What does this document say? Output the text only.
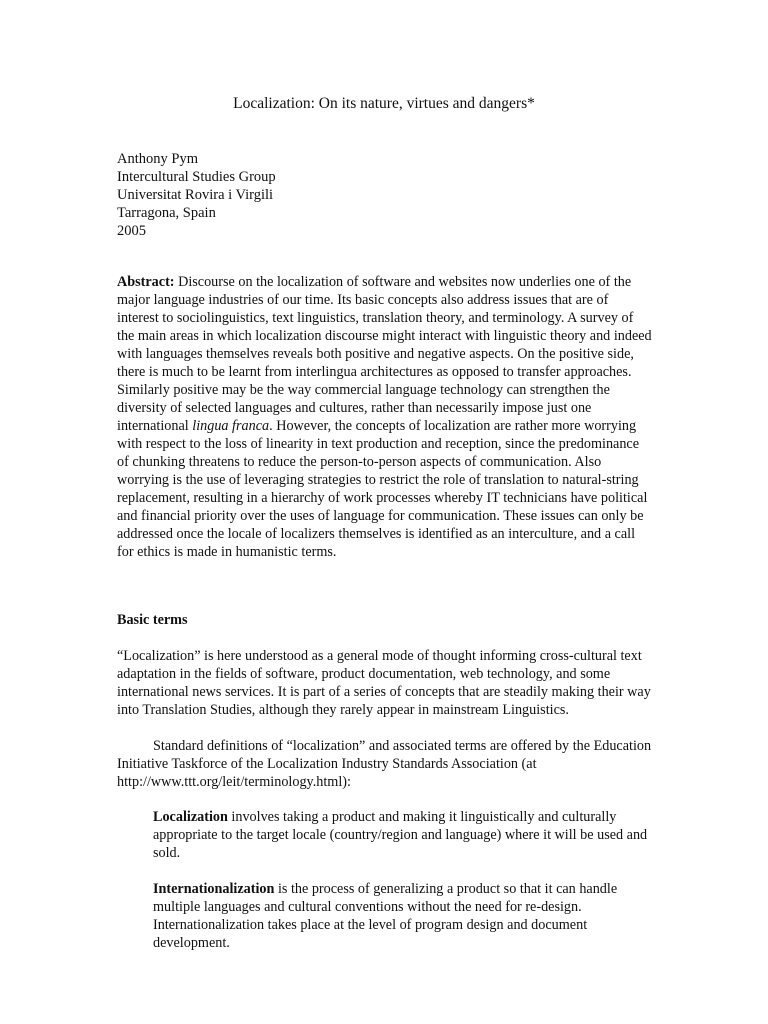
Localization: On its nature, virtues and dangers*
Anthony Pym
Intercultural Studies Group
Universitat Rovira i Virgili
Tarragona, Spain
2005

Abstract: Discourse on the localization of software and websites now underlies one of the major language industries of our time. Its basic concepts also address issues that are of interest to sociolinguistics, text linguistics, translation theory, and terminology. A survey of the main areas in which localization discourse might interact with linguistic theory and indeed with languages themselves reveals both positive and negative aspects. On the positive side, there is much to be learnt from interlingua architectures as opposed to transfer approaches. Similarly positive may be the way commercial language technology can strengthen the diversity of selected languages and cultures, rather than necessarily impose just one international lingua franca. However, the concepts of localization are rather more worrying with respect to the loss of linearity in text production and reception, since the predominance of chunking threatens to reduce the person-to-person aspects of communication. Also worrying is the use of leveraging strategies to restrict the role of translation to natural-string replacement, resulting in a hierarchy of work processes whereby IT technicians have political and financial priority over the uses of language for communication. These issues can only be addressed once the locale of localizers themselves is identified as an interculture, and a call for ethics is made in humanistic terms.

Basic terms

“Localization” is here understood as a general mode of thought informing cross-cultural text adaptation in the fields of software, product documentation, web technology, and some international news services. It is part of a series of concepts that are steadily making their way into Translation Studies, although they rarely appear in mainstream Linguistics.

Standard definitions of “localization” and associated terms are offered by the Education Initiative Taskforce of the Localization Industry Standards Association (at http://www.ttt.org/leit/terminology.html):

Localization involves taking a product and making it linguistically and culturally appropriate to the target locale (country/region and language) where it will be used and sold.

Internationalization is the process of generalizing a product so that it can handle multiple languages and cultural conventions without the need for re-design. Internationalization takes place at the level of program design and document development.
